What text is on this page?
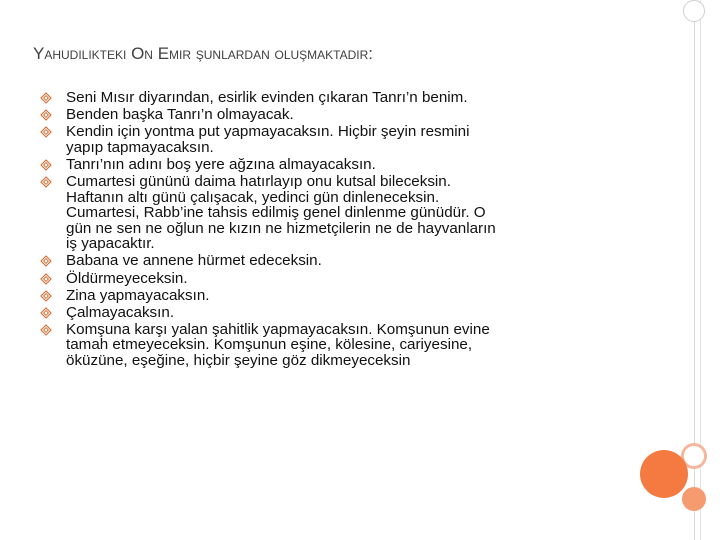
Yahudilikteki On Emir şunlardan oluşmaktadır:
Seni Mısır diyarından, esirlik evinden çıkaran Tanrı’n benim.
Benden başka Tanrı’n olmayacak.
Kendin için yontma put yapmayacaksın. Hiçbir şeyin resmini
yapıp tapmayacaksın.
Tanrı’nın adını boş yere ağzına almayacaksın.
Cumartesi gününü daima hatırlayıp onu kutsal bileceksin.
Haftanın altı günü çalışacak, yedinci gün dinleneceksin.
Cumartesi, Rabb’ine tahsis edilmiş genel dinlenme günüdür. O
gün ne sen ne oğlun ne kızın ne hizmetçilerin ne de hayvanların
iş yapacaktır.
Babana ve annene hürmet edeceksin.
Öldürmeyeceksin.
Zina yapmayacaksın.
Çalmayacaksın.
Komşuna karşı yalan şahitlik yapmayacaksın. Komşunun evine
tamah etmeyeceksin. Komşunun eşine, kölesine, cariyesine,
öküzüne, eşeğine, hiçbir şeyine göz dikmeyeceksin
